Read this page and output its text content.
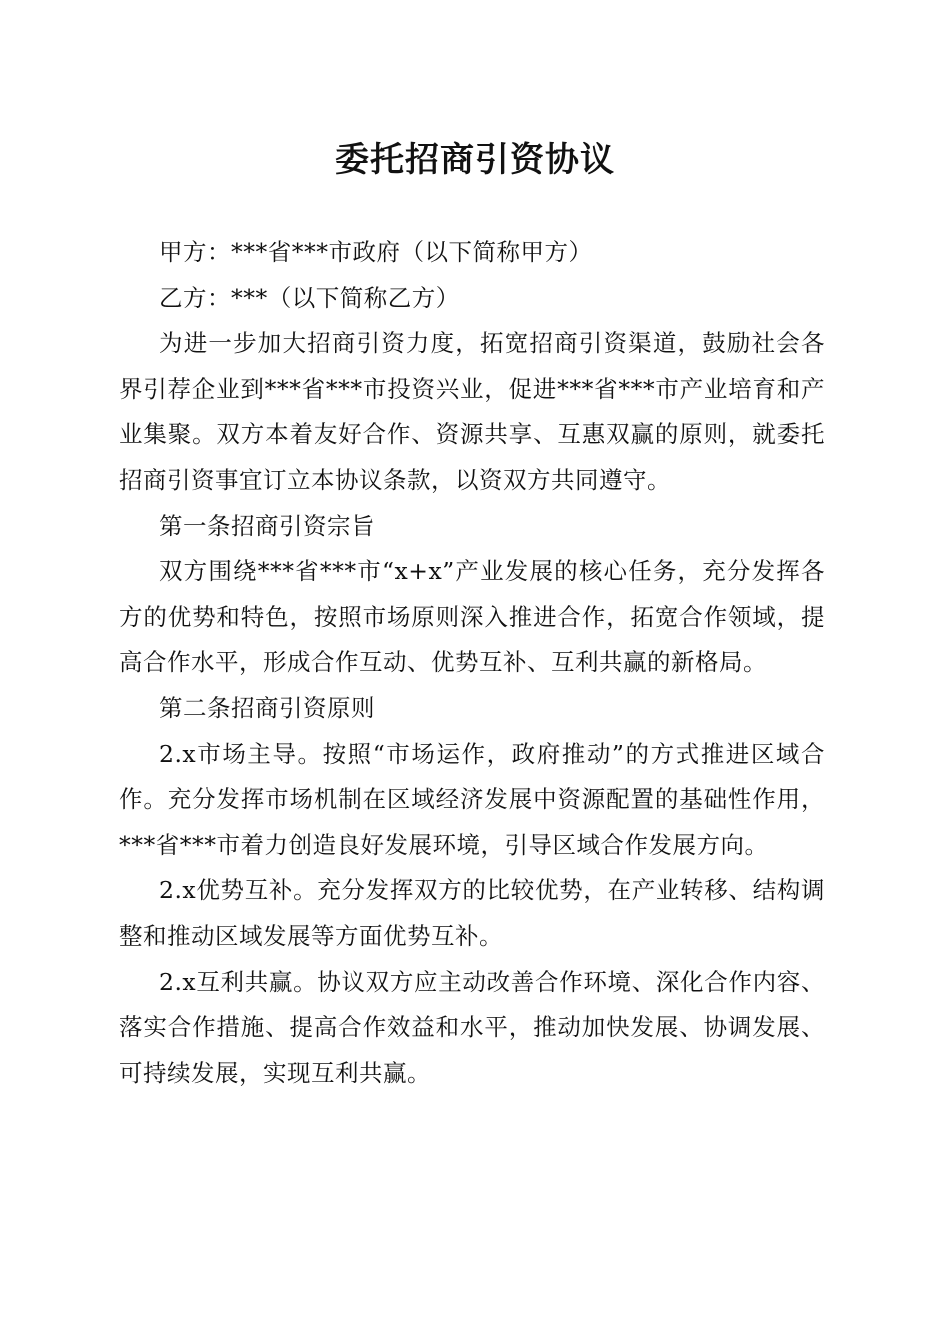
委托招商引资协议

甲方：***省***市政府（以下简称甲方）

乙方：***（以下简称乙方）

为进一步加大招商引资力度，拓宽招商引资渠道，鼓励社会各界引荐企业到***省***市投资兴业，促进***省***市产业培育和产业集聚。双方本着友好合作、资源共享、互惠双赢的原则，就委托招商引资事宜订立本协议条款，以资双方共同遵守。

第一条招商引资宗旨

双方围绕***省***市“x+x”产业发展的核心任务，充分发挥各方的优势和特色，按照市场原则深入推进合作，拓宽合作领域，提高合作水平，形成合作互动、优势互补、互利共赢的新格局。

第二条招商引资原则

2.x市场主导。按照“市场运作，政府推动”的方式推进区域合作。充分发挥市场机制在区域经济发展中资源配置的基础性作用，***省***市着力创造良好发展环境，引导区域合作发展方向。

2.x优势互补。充分发挥双方的比较优势，在产业转移、结构调整和推动区域发展等方面优势互补。

2.x互利共赢。协议双方应主动改善合作环境、深化合作内容、落实合作措施、提高合作效益和水平，推动加快发展、协调发展、可持续发展，实现互利共赢。
